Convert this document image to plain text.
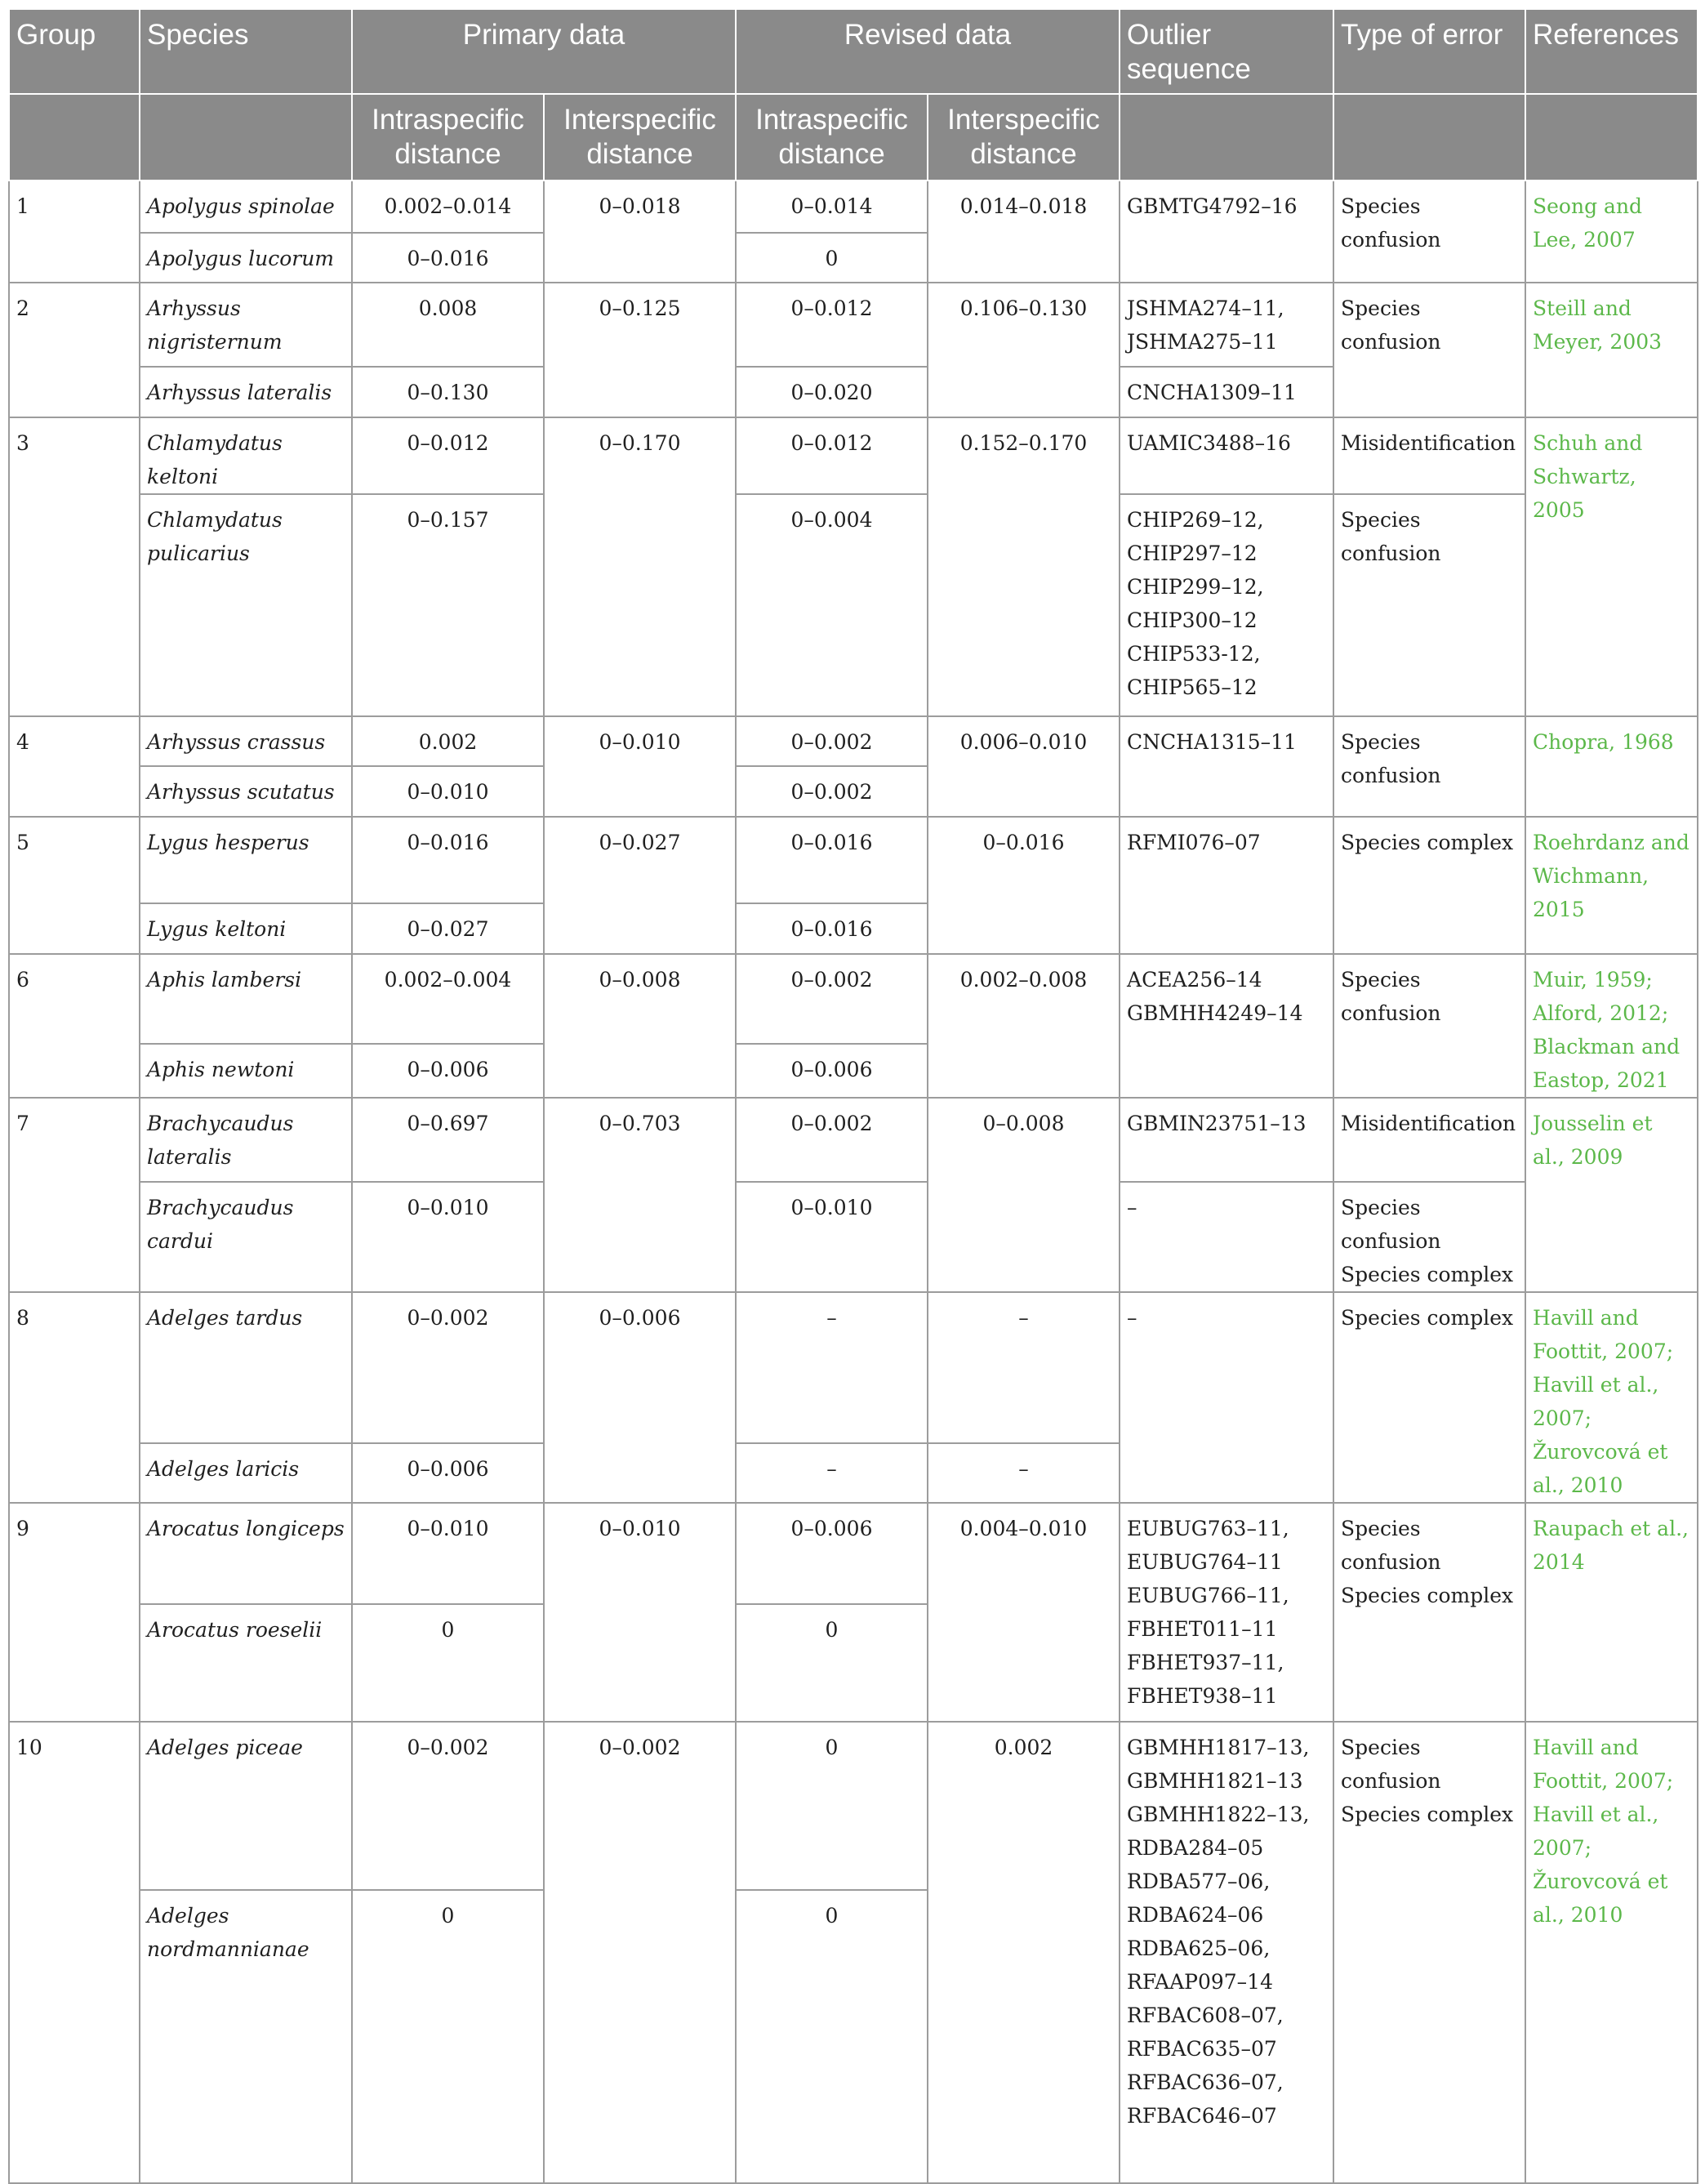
Group	Species	Primary data		Revised data		Outlier sequence	Type of error	References
		Intraspecific distance	Interspecific distance	Intraspecific distance	Interspecific distance			
1	Apolygus spinolae	0.002–0.014	0–0.018	0–0.014	0.014–0.018	GBMTG4792–16	Species confusion	Seong and Lee, 2007
	Apolygus lucorum	0–0.016		0				
2	Arhyssus nigristernum	0.008	0–0.125	0–0.012	0.106–0.130	JSHMA274–11, JSHMA275–11	Species confusion	Steill and Meyer, 2003
	Arhyssus lateralis	0–0.130		0–0.020		CNCHA1309–11		
3	Chlamydatus keltoni	0–0.012	0–0.170	0–0.012	0.152–0.170	UAMIC3488–16	Misidentification	Schuh and Schwartz, 2005
	Chlamydatus pulicarius	0–0.157		0–0.004		CHIP269–12, CHIP297–12 CHIP299–12, CHIP300–12 CHIP533-12, CHIP565–12	Species confusion	
4	Arhyssus crassus	0.002	0–0.010	0–0.002	0.006–0.010	CNCHA1315–11	Species confusion	Chopra, 1968
	Arhyssus scutatus	0–0.010		0–0.002				
5	Lygus hesperus	0–0.016	0–0.027	0–0.016	0–0.016	RFMI076–07	Species complex	Roehrdanz and Wichmann, 2015
	Lygus keltoni	0–0.027		0–0.016				
6	Aphis lambersi	0.002–0.004	0–0.008	0–0.002	0.002–0.008	ACEA256–14 GBMHH4249–14	Species confusion	Muir, 1959; Alford, 2012; Blackman and Eastop, 2021
	Aphis newtoni	0–0.006		0–0.006				
7	Brachycaudus lateralis	0–0.697	0–0.703	0–0.002	0–0.008	GBMIN23751–13	Misidentification	Jousselin et al., 2009
	Brachycaudus cardui	0–0.010		0–0.010		–	Species confusion Species complex	
8	Adelges tardus	0–0.002	0–0.006	–	–	–	Species complex	Havill and Foottit, 2007; Havill et al., 2007; Žurovcová et al., 2010
	Adelges laricis	0–0.006		–	–			
9	Arocatus longiceps	0–0.010	0–0.010	0–0.006	0.004–0.010	EUBUG763–11, EUBUG764–11 EUBUG766–11, FBHET011–11 FBHET937–11, FBHET938–11	Species confusion Species complex	Raupach et al., 2014
	Arocatus roeselii	0		0				
10	Adelges piceae	0–0.002	0–0.002	0	0.002	GBMHH1817–13, GBMHH1821–13 GBMHH1822–13, RDBA284–05 RDBA577–06, RDBA624–06 RDBA625–06, RFAAP097–14 RFBAC608–07, RFBAC635–07 RFBAC636–07, RFBAC646–07	Species confusion Species complex	Havill and Foottit, 2007; Havill et al., 2007; Žurovcová et al., 2010
	Adelges nordmannianae	0		0				
